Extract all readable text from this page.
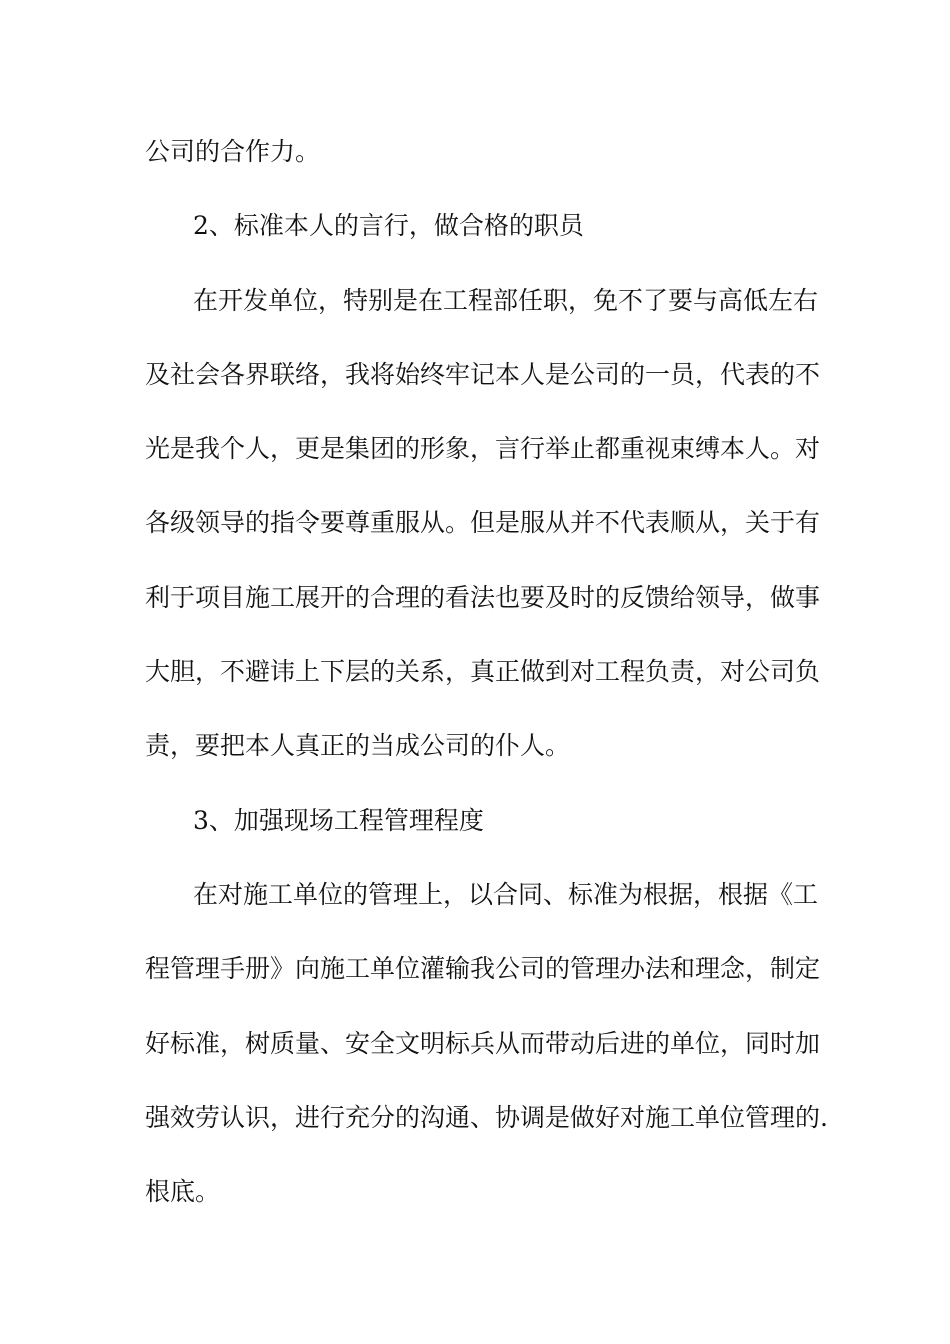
公司的合作力。
2、标准本人的言行，做合格的职员
在开发单位，特别是在工程部任职，免不了要与高低左右
及社会各界联络，我将始终牢记本人是公司的一员，代表的不
光是我个人，更是集团的形象，言行举止都重视束缚本人。对
各级领导的指令要尊重服从。但是服从并不代表顺从，关于有
利于项目施工展开的合理的看法也要及时的反馈给领导，做事
大胆，不避讳上下层的关系，真正做到对工程负责，对公司负
责，要把本人真正的当成公司的仆人。
3、加强现场工程管理程度
在对施工单位的管理上，以合同、标准为根据，根据《工
程管理手册》向施工单位灌输我公司的管理办法和理念，制定
好标准，树质量、安全文明标兵从而带动后进的单位，同时加
强效劳认识，进行充分的沟通、协调是做好对施工单位管理的.
根底。
